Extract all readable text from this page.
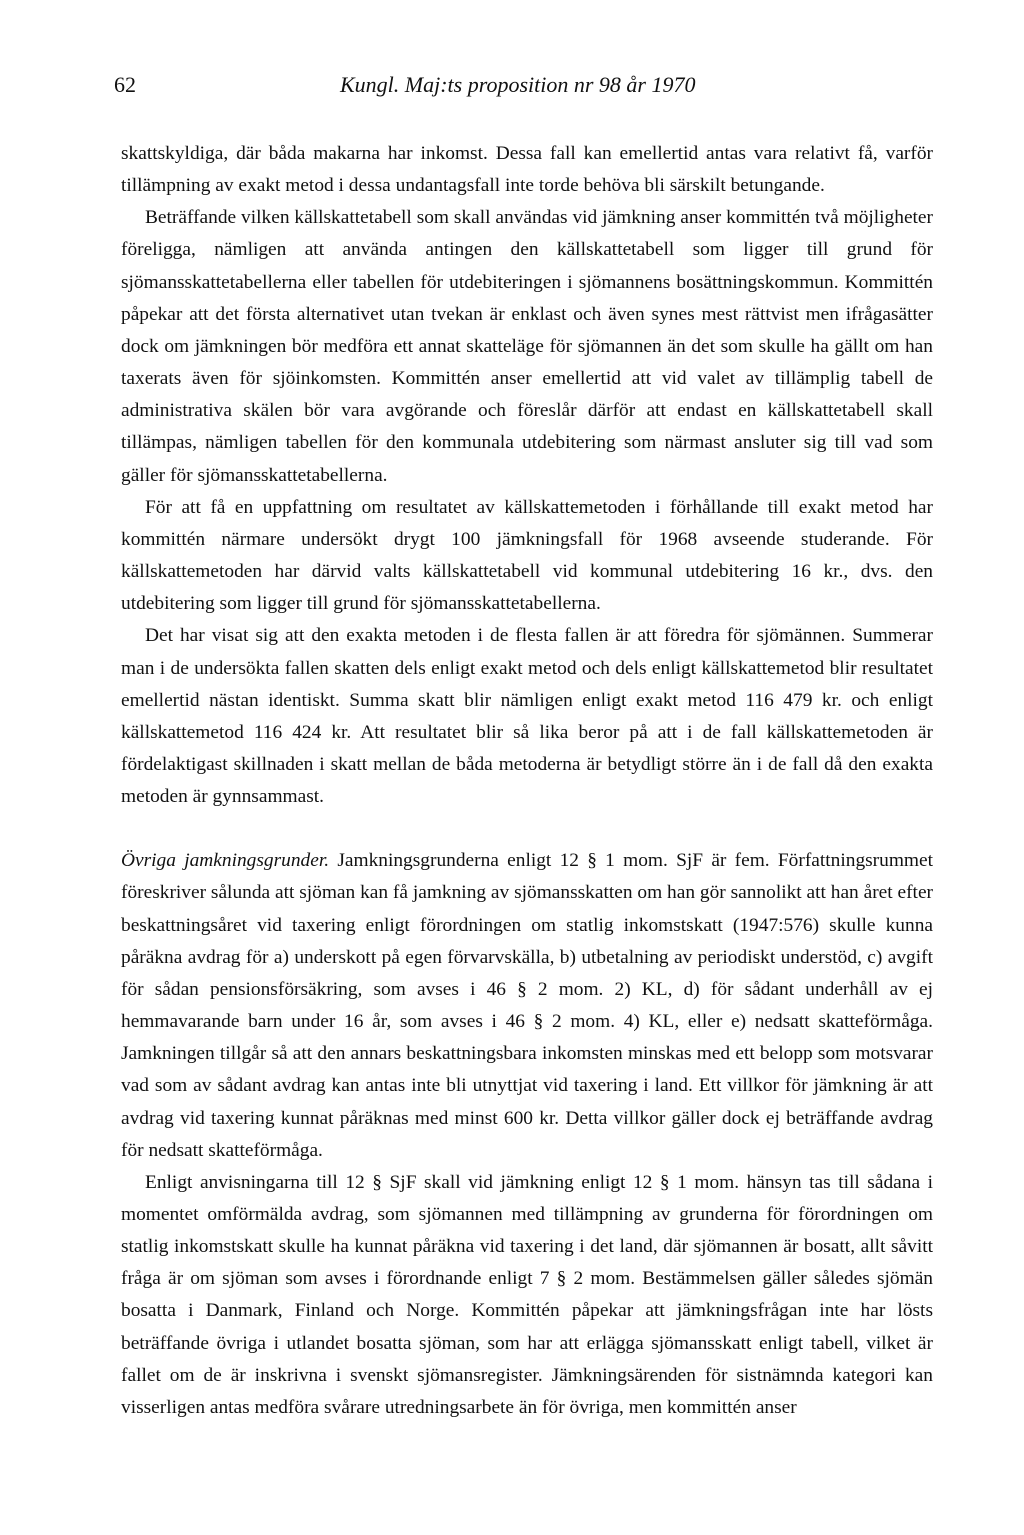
62	Kungl. Maj:ts proposition nr 98 år 1970

skattskyldiga, där båda makarna har inkomst. Dessa fall kan emellertid antas vara relativt få, varför tillämpning av exakt metod i dessa undantagsfall inte torde behöva bli särskilt betungande.

Beträffande vilken källskattetabell som skall användas vid jämkning anser kommittén två möjligheter föreligga, nämligen att använda antingen den källskattetabell som ligger till grund för sjömansskattetabellerna eller tabellen för utdebiteringen i sjömannens bosättningskommun. Kommittén påpekar att det första alternativet utan tvekan är enklast och även synes mest rättvist men ifrågasätter dock om jämkningen bör medföra ett annat skatteläge för sjömannen än det som skulle ha gällt om han taxerats även för sjöinkomsten. Kommittén anser emellertid att vid valet av tillämplig tabell de administrativa skälen bör vara avgörande och föreslår därför att endast en källskattetabell skall tillämpas, nämligen tabellen för den kommunala utdebitering som närmast ansluter sig till vad som gäller för sjömansskattetabellerna.

För att få en uppfattning om resultatet av källskattemetoden i förhållande till exakt metod har kommittén närmare undersökt drygt 100 jämkningsfall för 1968 avseende studerande. För källskattemetoden har därvid valts källskattetabell vid kommunal utdebitering 16 kr., dvs. den utdebitering som ligger till grund för sjömansskattetabellerna.

Det har visat sig att den exakta metoden i de flesta fallen är att föredra för sjömännen. Summerar man i de undersökta fallen skatten dels enligt exakt metod och dels enligt källskattemetod blir resultatet emellertid nästan identiskt. Summa skatt blir nämligen enligt exakt metod 116 479 kr. och enligt källskattemetod 116 424 kr. Att resultatet blir så lika beror på att i de fall källskattemetoden är fördelaktigast skillnaden i skatt mellan de båda metoderna är betydligt större än i de fall då den exakta metoden är gynnsammast.

Övriga jamkningsgrunder. Jamkningsgrunderna enligt 12 § 1 mom. SjF är fem. Författningsrummet föreskriver sålunda att sjöman kan få jamkning av sjömansskatten om han gör sannolikt att han året efter beskattningsåret vid taxering enligt förordningen om statlig inkomstskatt (1947:576) skulle kunna påräkna avdrag för a) underskott på egen förvarvskälla, b) utbetalning av periodiskt understöd, c) avgift för sådan pensionsförsäkring, som avses i 46 § 2 mom. 2) KL, d) för sådant underhåll av ej hemmavarande barn under 16 år, som avses i 46 § 2 mom. 4) KL, eller e) nedsatt skatteförmåga. Jamkningen tillgår så att den annars beskattningsbara inkomsten minskas med ett belopp som motsvarar vad som av sådant avdrag kan antas inte bli utnyttjat vid taxering i land. Ett villkor för jämkning är att avdrag vid taxering kunnat påräknas med minst 600 kr. Detta villkor gäller dock ej beträffande avdrag för nedsatt skatteförmåga.

Enligt anvisningarna till 12 § SjF skall vid jämkning enligt 12 § 1 mom. hänsyn tas till sådana i momentet omförmälda avdrag, som sjömannen med tillämpning av grunderna för förordningen om statlig inkomstskatt skulle ha kunnat påräkna vid taxering i det land, där sjömannen är bosatt, allt såvitt fråga är om sjöman som avses i förordnande enligt 7 § 2 mom. Bestämmelsen gäller således sjömän bosatta i Danmark, Finland och Norge. Kommittén påpekar att jämkningsfrågan inte har lösts beträffande övriga i utlandet bosatta sjöman, som har att erlägga sjömansskatt enligt tabell, vilket är fallet om de är inskrivna i svenskt sjömansregister. Jämkningsärenden för sistnämnda kategori kan visserligen antas medföra svårare utredningsarbete än för övriga, men kommittén anser
